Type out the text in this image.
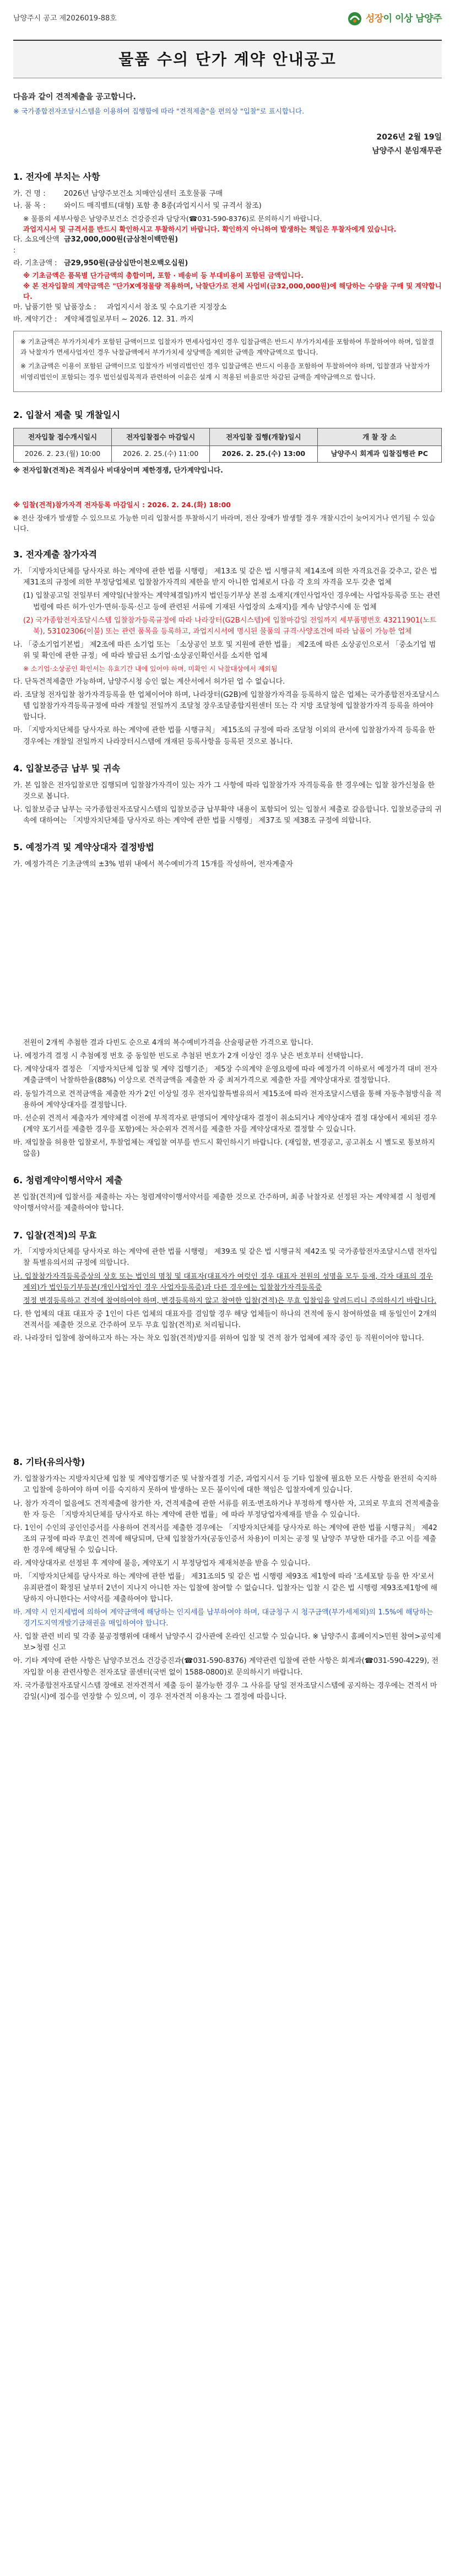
남양주시 공고 제2026019-88호	성장이 이상 남양주
물품 수의 단가 계약 안내공고
다음과 같이 견적제출을 공고합니다.
※ 국가종합전자조달시스템을 이용하여 집행함에 따라 "견적제출"을 편의상 "입찰"로 표시합니다.
2026년 2월 19일
남양주시 분임재무관
1. 전자에 부치는 사항
가. 건 명 :	2026년 남양주보건소 치매안심센터 조호물품 구매
나. 품 목 :	와이드 매직벨트(대형) 포함 총 8종(과업지시서 및 규격서 참조)
※ 물품의 세부사항은 남양주보건소 건강증진과 담당자(☎031-590-8376)로 문의하시기 바랍니다.
과업지시서 및 규격서를 반드시 확인하시고 투찰하시기 바랍니다. 확인하지 아니하여 발생하는 책임은 투찰자에게 있습니다.
다. 소요예산액 :
금32,000,000원(금삼천이백만원)
라. 기초금액 : 금29,950원(금삼십만이천오백오십원)
※ 기초금액은 품목별 단가금액의 총합이며, 포함 · 배송비 등 부대비용이 포함된 금액입니다.
※ 본 전자입찰의 계약금액은 "단가X예정물량 적용하며, 낙찰단가로 전체 사업비(금32,000,000원)에 해당하는 수량을 구매 및 계약합니다.
마. 납품기한 및 납품장소 :	과업지시서 참조 및 수요기관 지정장소
바. 계약기간 : 계약체결일로부터 ~ 2026. 12. 31. 까지

※ 기초금액은 부가가치세가 포함된 금액이므로 입찰자가 면세사업자인 경우 입찰금액은 반드시 부가가치세를 포함하여 투찰하여야 하며, 입찰결과 낙찰자가 면세사업자인 경우 낙찰금액에서 부가가치세 상당액을 제외한 금액을 계약금액으로 합니다.

※ 기초금액은 이용이 포함된 금액이므로 입찰자가 비영리법인인 경우 입찰금액은 반드시 이용을 포함하여 투찰하여야 하며, 입찰결과 낙찰자가 비영리법인이 포함되는 경우 법인설립목적과 관련하여 이윤은 설계 시 적용된 비율로만 차감된 금액을 계약금액으로 합니다.

2. 입찰서 제출 및 개찰일시
전자입찰 접수개시일시	전자입찰접수 마감일시	전자입찰 집행(개찰)일시	개 찰 장 소
2026. 2. 23.(월) 10:00	2026. 2. 25.(수) 11:00	2026. 2. 25.(수) 13:00	남양주시 회계과 입찰집행관 PC
※ 전자입찰(견적)은 적격심사 비대상이며 제한경쟁, 단가계약입니다.
※ 입찰(견적)참가자격 전자등록 마감일시 : 2026. 2. 24.(화) 18:00
※ 전산 장애가 발생할 수 있으므로 가능한 미리 입찰서를 투찰하시기 바라며, 전산 장애가 발생할 경우 개찰시간이 늦어지거나 연기될 수 있습니다.
3. 전자계출 참가자격
가. 「지방자치단체를 당사자로 하는 계약에 관한 법률 시행령」 제13조 및 같은 법 시행규칙 제14조에 의한 자격요건을 갖추고, 같은 법 제31조의 규정에 의한 부정당업체로 입찰참가자격의 제한을 받지 아니한 업체로서 다음 각 호의 자격을 모두 갖춘 업체
(1) 입찰공고일 전일부터 계약일(낙찰자는 계약체결일)까지 법인등기부상 본점 소재지(개인사업자인 경우에는 사업자등록증 또는 관련 법령에 따른 허가·인가·면허·등록·신고 등에 관련된 서류에 기재된 사업장의 소재지)를 계속 남양주시에 둔 업체
(2) 국가종합전자조달시스템 입찰참가등록규정에 따라 나라장터(G2B시스템)에 입찰마감일 전일까지 세부품명번호 43211901(노트북), 53102306(이불) 또는 관련 품목을 등록하고, 과업지시서에 명시된 물품의 규격·사양조건에 따라 납품이 가능한 업체
나. 「중소기업기본법」 제2조에 따른 소기업 또는 「소상공인 보호 및 지원에 관한 법률」 제2조에 따른 소상공인으로서 「중소기업 범위 및 확인에 관한 규정」에 따라 발급된 소기업·소상공인확인서를 소지한 업체
※ 소기업·소상공인 확인서는 유효기간 내에 있어야 하며, 미확인 시 낙찰대상에서 제외됨
다. 단독견적제출만 가능하며, 남양주시청 승인 없는 계산서에서 허가된 업 수 없습니다.
라. 조달청 전자입찰 참가자격등록을 한 업체이어야 하며, 나라장터(G2B)에 입찰참가자격을 등록하지 않은 업체는 국가종합전자조달시스템 입찰참가자격등록규정에 따라 개찰일 전일까지 조달청 장우조달종합지원센터 또는 각 지방 조달청에 입찰참가자격 등록을 하여야 합니다.
마. 「지방자치단체를 당사자로 하는 계약에 관한 법률 시행규칙」 제15조의 규정에 따라 조달청 이외의 관서에 입찰참가자격 등록을 한 경우에는 개찰일 전일까지 나라장터시스템에 개재된 등록사항을 등록된 것으로 봅니다.
4. 입찰보증금 납부 및 귀속
가. 본 입찰은 전자입찰로만 집행되며 입찰참가자격이 있는 자가 그 사항에 따라 입찰참가자 자격등록을 한 경우에는 입찰 참가신청을 한 것으로 봅니다.
나. 입찰보증금 납부는 국가종합전자조달시스템의 입찰보증금 납부확약 내용이 포함되어 있는 입찰서 제출로 갈음합니다. 입찰보증금의 귀속에 대하여는 「지방자치단체를 당사자로 하는 계약에 관한 법률 시행령」 제37조 및 제38조 규정에 의합니다.
5. 예정가격 및 계약상대자 결정방법
가. 예정가격은 기초금액의 ±3% 범위 내에서 복수예비가격 15개를 작성하여, 전자계출자
전원이 2개씩 추첨한 결과 다빈도 순으로 4개의 복수예비가격을 산술평균한 가격으로 합니다.
나. 예정가격 결정 시 추첨예정 번호 중 동일한 빈도로 추첨된 번호가 2개 이상인 경우 낮은 번호부터 선택합니다.
다. 계약상대자 결정은 「지방자치단체 입찰 및 계약 집행기준」 제5장 수의계약 운영요령에 따라 예정가격 이하로서 예정가격 대비 전자계출금액이 낙찰하한율(88%) 이상으로 견적금액을 제출한 자 중 최저가격으로 제출한 자를 계약상대자로 결정합니다.
라. 동일가격으로 견적금액을 제출한 자가 2인 이상일 경우 전자입찰특별유의서 제15조에 따라 전자조달시스템을 통해 자동추첨방식을 적용하여 계약상대자를 결정합니다.
마. 선순위 견적서 제출자가 계약체결 이전에 부적격자로 판명되어 계약상대자 결정이 취소되거나 계약상대자 결정 대상에서 제외된 경우(계약 포기서를 제출한 경우를 포함)에는 차순위자 견적서를 제출한 자를 계약상대자로 결정할 수 있습니다.
바. 재입찰을 허용한 입찰로서, 투찰업체는 재입찰 여부를 반드시 확인하시기 바랍니다. (재입찰, 변경공고, 공고취소 시 별도로 통보하지 않음)
6. 청렴계약이행서약서 제출
본 입찰(견적)에 입찰서를 제출하는 자는 청렴계약이행서약서를 제출한 것으로 간주하며, 최종 낙찰자로 선정된 자는 계약체결 시 청렴계약이행서약서를 제출하여야 합니다.
7. 입찰(견적)의 무효
가. 「지방자치단체를 당사자로 하는 계약에 관한 법률 시행령」 제39조 및 같은 법 시행규칙 제42조 및 국가종합전자조달시스템 전자입찰 특별유의서의 규정에 의합니다.
나. 입찰참가자격등록증상의 상호 또는 법인의 명칭 및 대표자(대표자가 여럿인 경우 대표자 전원의 성명을 모두 등재, 각자 대표의 경우 제외)가 법인등기부등본(개인사업자인 경우 사업자등록증)과 다른 경우에는 입찰참가자격등록증
정정 변경등록하고 견적에 참여하여야 하며, 변경등록하지 않고 참여한 입찰(견적)은 무효 입찰임을 알려드리니 주의하시기 바랍니다.
다. 한 업체의 대표 대표자 중 1인이 다른 업체의 대표자를 겸임할 경우 해당 업체들이 하나의 견적에 동시 참여하였을 때 동일인이 2개의 견적서를 제출한 것으로 간주하여 모두 무효 입찰(견적)로 처리됩니다.
라. 나라장터 입찰에 참여하고자 하는 자는 착오 입찰(견적)방지를 위하여 입찰 및 견적 참가 업체에 제작 중인 등 직원이어야 합니다.
8. 기타(유의사항)
가. 입찰참가자는 지방자치단체 입찰 및 계약집행기준 및 낙찰자결정 기준, 과업지시서 등 기타 입찰에 필요한 모든 사항을 완전히 숙지하고 입찰에 응하여야 하며 이를 숙지하지 못하여 발생하는 모든 불이익에 대한 책임은 입찰자에게 있습니다.
나. 참가 자격이 없음에도 견적제출에 참가한 자, 견적제출에 관한 서류를 위조·변조하거나 부정하게 행사한 자, 고의로 무효의 견적제출을 한 자 등은 「지방자치단체를 당사자로 하는 계약에 관한 법률」에 따라 부정당업자제재를 받을 수 있습니다.
다. 1인이 수인의 공인인증서를 사용하여 견적서를 제출한 경우에는 「지방자치단체를 당사자로 하는 계약에 관한 법률 시행규칙」 제42조의 규정에 따라 무효인 견적에 해당되며, 단체 입찰참가자(공동인증서 차용)이 미치는 공정 및 남양주 부당한 대가를 주고 이를 제출한 경우에 해당될 수 있습니다.
라. 계약상대자로 선정된 후 계약에 불응, 계약포기 시 부정당업자 제재처분을 받을 수 있습니다.
마. 「지방자치단체를 당사자로 하는 계약에 관한 법률」 제31조의5 및 같은 법 시행령 제93조 제1항에 따라 '조세포탈 등을 한 자'로서 유죄판결이 확정된 날부터 2년이 지나지 아니한 자는 입찰에 참여할 수 없습니다. 입찰자는 입찰 시 같은 법 시행령 제93조제1항에 해당하지 아니한다는 서약서를 제출하여야 합니다.
바. 계약 시 인지세법에 의하여 계약금액에 해당하는 인지세를 납부하여야 하며, 대금청구 시 청구금액(부가세제외)의 1.5%에 해당하는 경기도지역개발기금채권을 매입하여야 합니다.
사. 입찰 관련 비리 및 각종 불공정행위에 대해서 남양주시 감사관에 온라인 신고할 수 있습니다. ※ 남양주시 홈페이지>민원 참여>공익제보>청렴 신고
아. 기타 계약에 관한 사항은 남양주보건소 건강증진과(☎031-590-8376) 계약관련 입찰에 관한 사항은 회계과(☎031-590-4229), 전자입찰 이용 관련사항은 전자조달 콜센터(국번 없이 1588-0800)로 문의하시기 바랍니다.
자. 국가종합전자조달시스템 장애로 전자견적서 제출 등이 불가능한 경우 그 사유를 당일 전자조달시스템에 공지하는 경우에는 견적서 마감일(시)에 접수를 연장할 수 있으며, 이 경우 전자견적 이용자는 그 결정에 따릅니다.
